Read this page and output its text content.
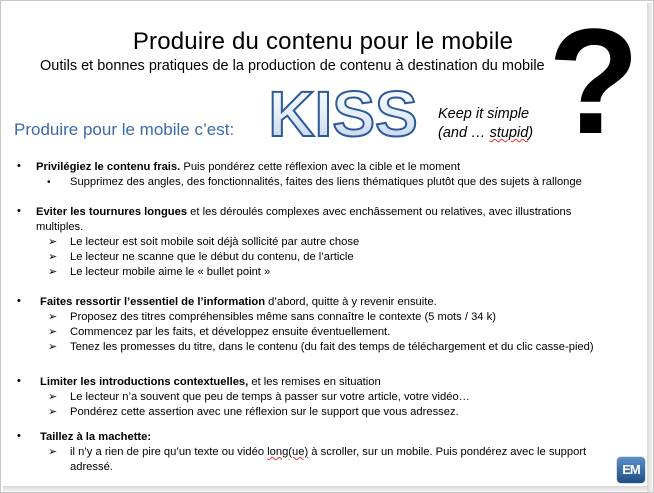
Produire du contenu pour le mobile
Outils et bonnes pratiques de la production de contenu à destination du mobile ?
KISS Keep it simple
(and … stupid)
Produire pour le mobile c’est:
• Privilégiez le contenu frais. Puis pondérez cette réflexion avec la cible et le moment
• Supprimez des angles, des fonctionnalités, faites des liens thématiques plutôt que des sujets à rallonge
• Eviter les tournures longues et les déroulés complexes avec enchâssement ou relatives, avec illustrations multiples.
➢ Le lecteur est soit mobile soit déjà sollicité par autre chose
➢ Le lecteur ne scanne que le début du contenu, de l’article
➢ Le lecteur mobile aime le « bullet point »
• Faites ressortir l’essentiel de l’information d’abord, quitte à y revenir ensuite.
➢ Proposez des titres compréhensibles même sans connaître le contexte (5 mots / 34 k)
➢ Commencez par les faits, et développez ensuite éventuellement.
➢ Tenez les promesses du titre, dans le contenu (du fait des temps de téléchargement et du clic casse-pied)
• Limiter les introductions contextuelles, et les remises en situation
➢ Le lecteur n’a souvent que peu de temps à passer sur votre article, votre vidéo…
➢ Pondérez cette assertion avec une réflexion sur le support que vous adressez.
• Taillez à la machette:
➢ il n’y a rien de pire qu’un texte ou vidéo long(ue) à scroller, sur un mobile. Puis pondérez avec le support adressé.	EM
